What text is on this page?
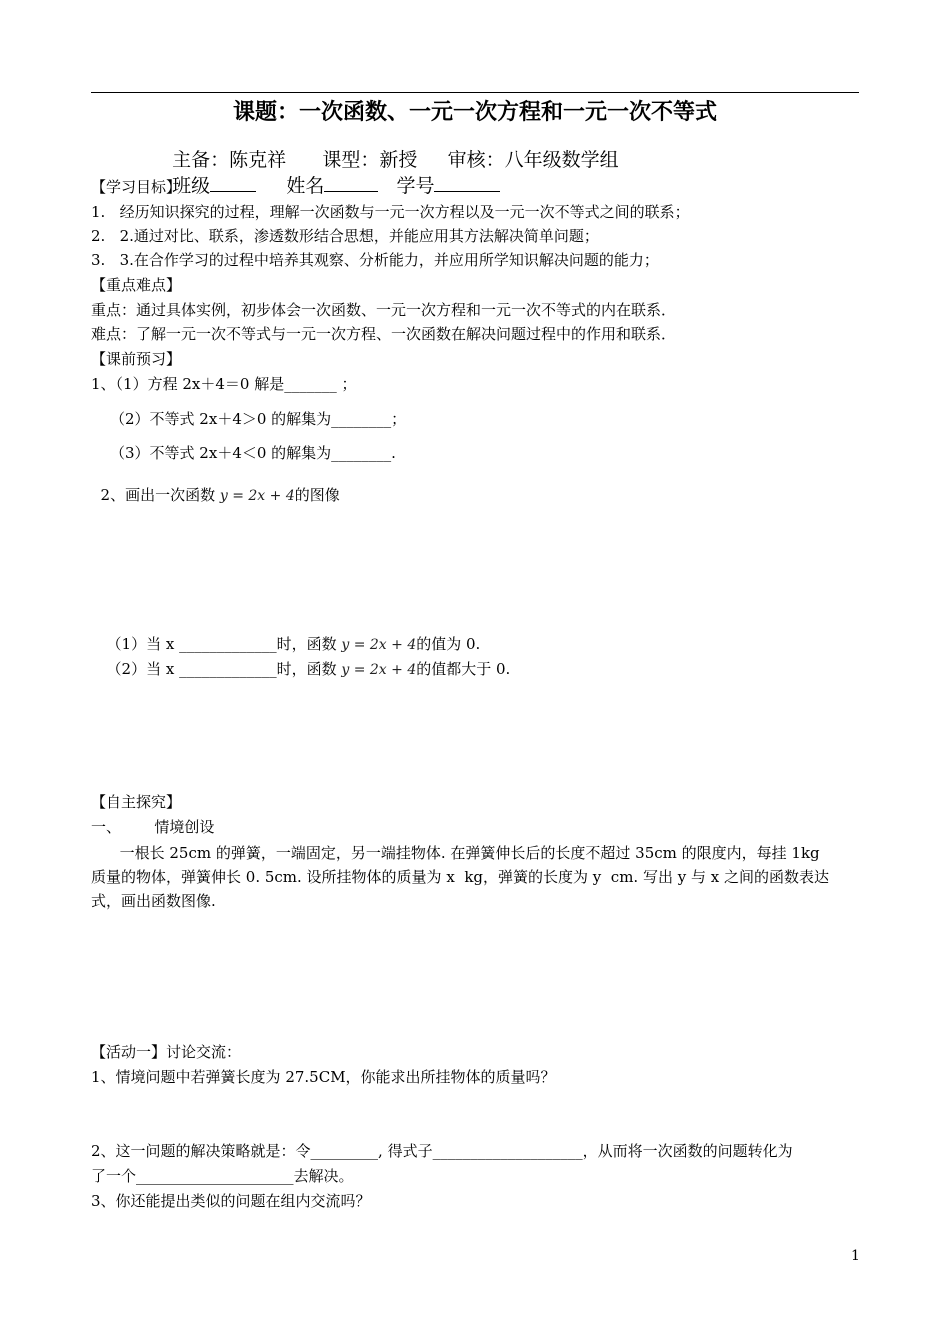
课题：一次函数、一元一次方程和一元一次不等式

主备：陈克祥 课型：新授 审核：八年级数学组

班级	姓名	学号

【学习目标】
1.   经历知识探究的过程，理解一次函数与一元一次方程以及一元一次不等式之间的联系；
2.   2.通过对比、联系，渗透数形结合思想，并能应用其方法解决简单问题；
3.   3.在合作学习的过程中培养其观察、分析能力，并应用所学知识解决问题的能力；
【重点难点】
重点：通过具体实例，初步体会一次函数、一元一次方程和一元一次不等式的内在联系．
难点：了解一元一次不等式与一元一次方程、一次函数在解决问题过程中的作用和联系．
【课前预习】
1、（1）方程 2x＋4＝0 解是_______ ；
（2）不等式 2x＋4＞0 的解集为________；
（3）不等式 2x＋4＜0 的解集为________.

2、画出一次函数 y = 2x + 4的图像

（1）当 x _____________时，函数 y = 2x + 4的值为 0.

（2）当 x _____________时，函数 y = 2x + 4的值都大于 0.

【自主探究】
一、       情境创设
一根长 25cm 的弹簧，一端固定，另一端挂物体. 在弹簧伸长后的长度不超过 35cm 的限度内，每挂 1kg
质量的物体，弹簧伸长 0. 5cm. 设所挂物体的质量为 x  kg，弹簧的长度为 y  cm. 写出 y 与 x 之间的函数表达
式，画出函数图像.
【活动一】讨论交流：
1、情境问题中若弹簧长度为 27.5CM，你能求出所挂物体的质量吗？
2、这一问题的解决策略就是：令_________, 得式子____________________，从而将一次函数的问题转化为
了一个_____________________去解决。
3、你还能提出类似的问题在组内交流吗？
1
